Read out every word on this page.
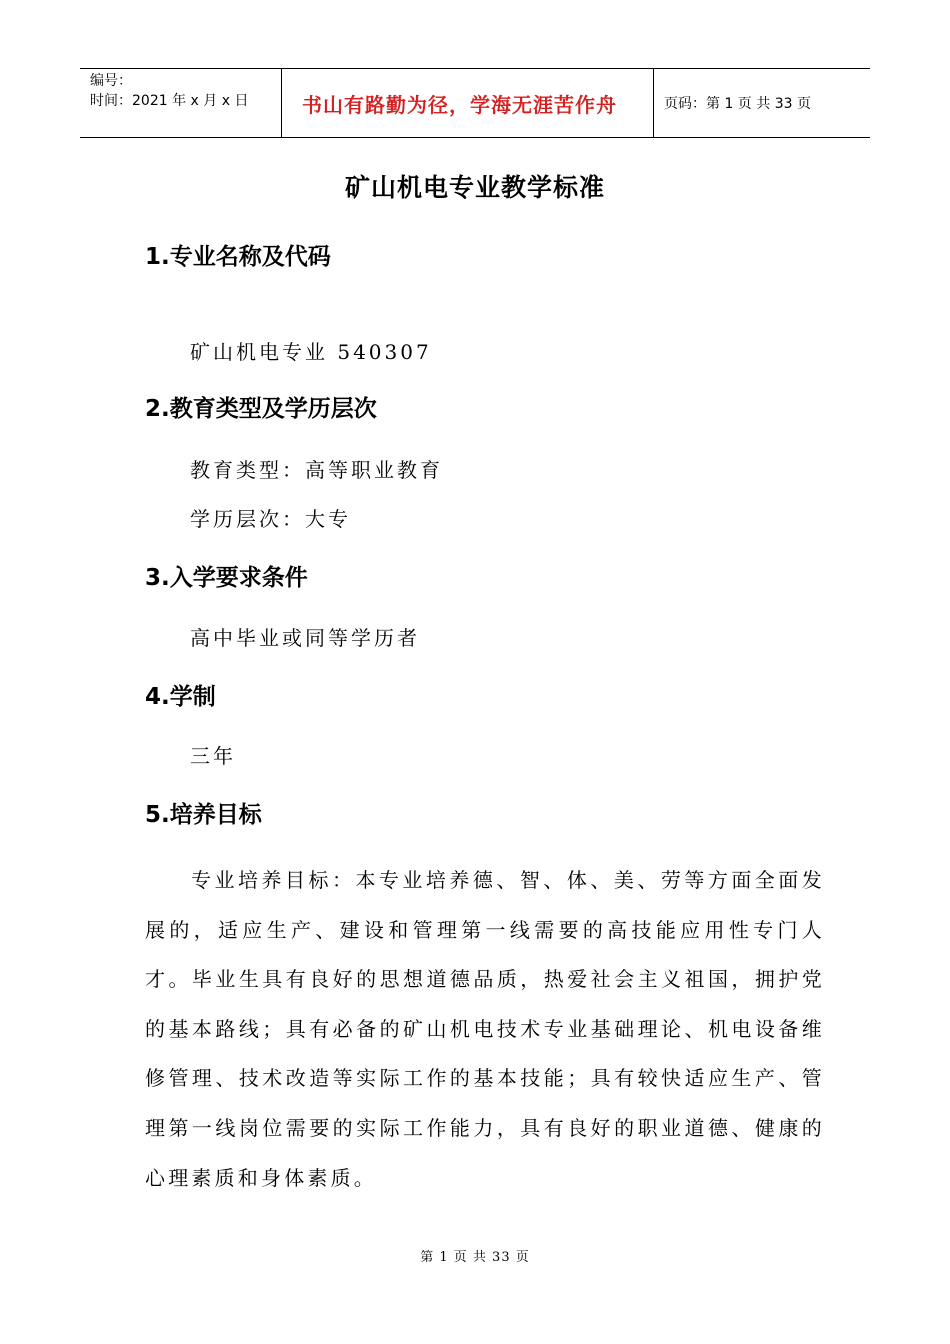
编号：
时间：2021 年 x 月 x 日	书山有路勤为径，学海无涯苦作舟	页码：第 1 页 共 33 页
矿山机电专业教学标准
1.专业名称及代码
矿山机电专业 540307
2.教育类型及学历层次
教育类型：高等职业教育
学历层次：大专
3.入学要求条件
高中毕业或同等学历者
4.学制
三年
5.培养目标
专业培养目标：本专业培养德、智、体、美、劳等方面全面发展的，适应生产、建设和管理第一线需要的高技能应用性专门人才。毕业生具有良好的思想道德品质，热爱社会主义祖国，拥护党的基本路线；具有必备的矿山机电技术专业基础理论、机电设备维修管理、技术改造等实际工作的基本技能；具有较快适应生产、管理第一线岗位需要的实际工作能力，具有良好的职业道德、健康的心理素质和身体素质。
第 1 页 共 33 页
